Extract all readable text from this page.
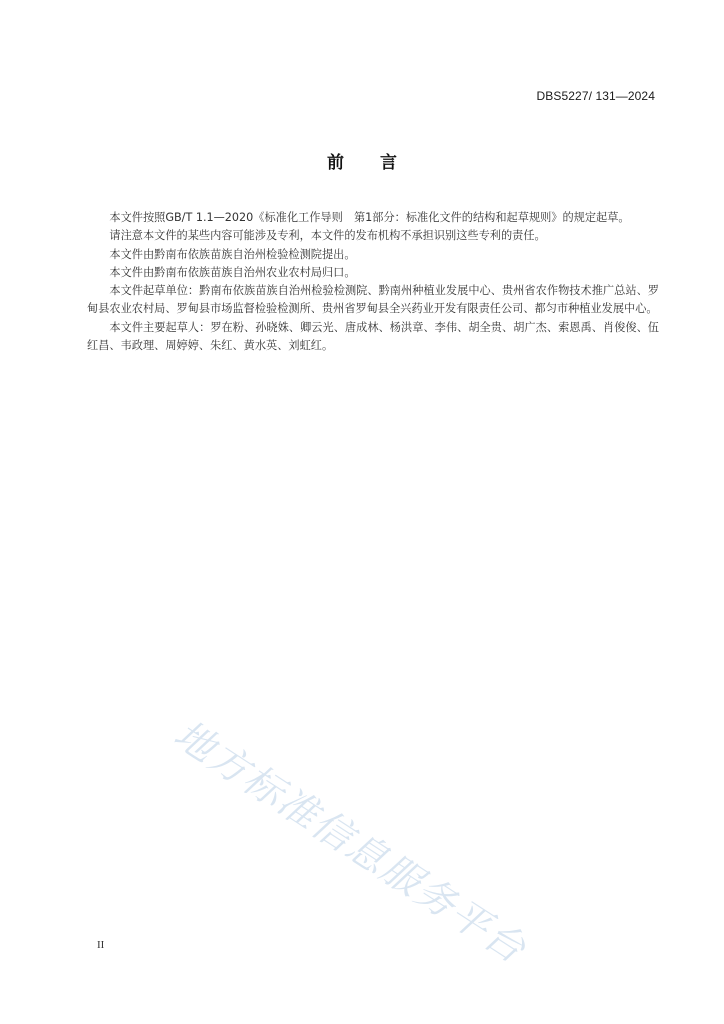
DBS5227/ 131—2024
前言

本文件按照GB/T 1.1—2020《标准化工作导则　第1部分：标准化文件的结构和起草规则》的规定起草。

请注意本文件的某些内容可能涉及专利，本文件的发布机构不承担识别这些专利的责任。

本文件由黔南布依族苗族自治州检验检测院提出。

本文件由黔南布依族苗族自治州农业农村局归口。

本文件起草单位：黔南布依族苗族自治州检验检测院、黔南州种植业发展中心、贵州省农作物技术推广总站、罗甸县农业农村局、罗甸县市场监督检验检测所、贵州省罗甸县全兴药业开发有限责任公司、都匀市种植业发展中心。

本文件主要起草人：罗在粉、孙晓姝、卿云光、唐成林、杨洪章、李伟、胡全贵、胡广杰、索恩禹、肖俊俊、伍红昌、韦政理、周婷婷、朱红、黄水英、刘虹红。

地方标准信息服务平台
II
